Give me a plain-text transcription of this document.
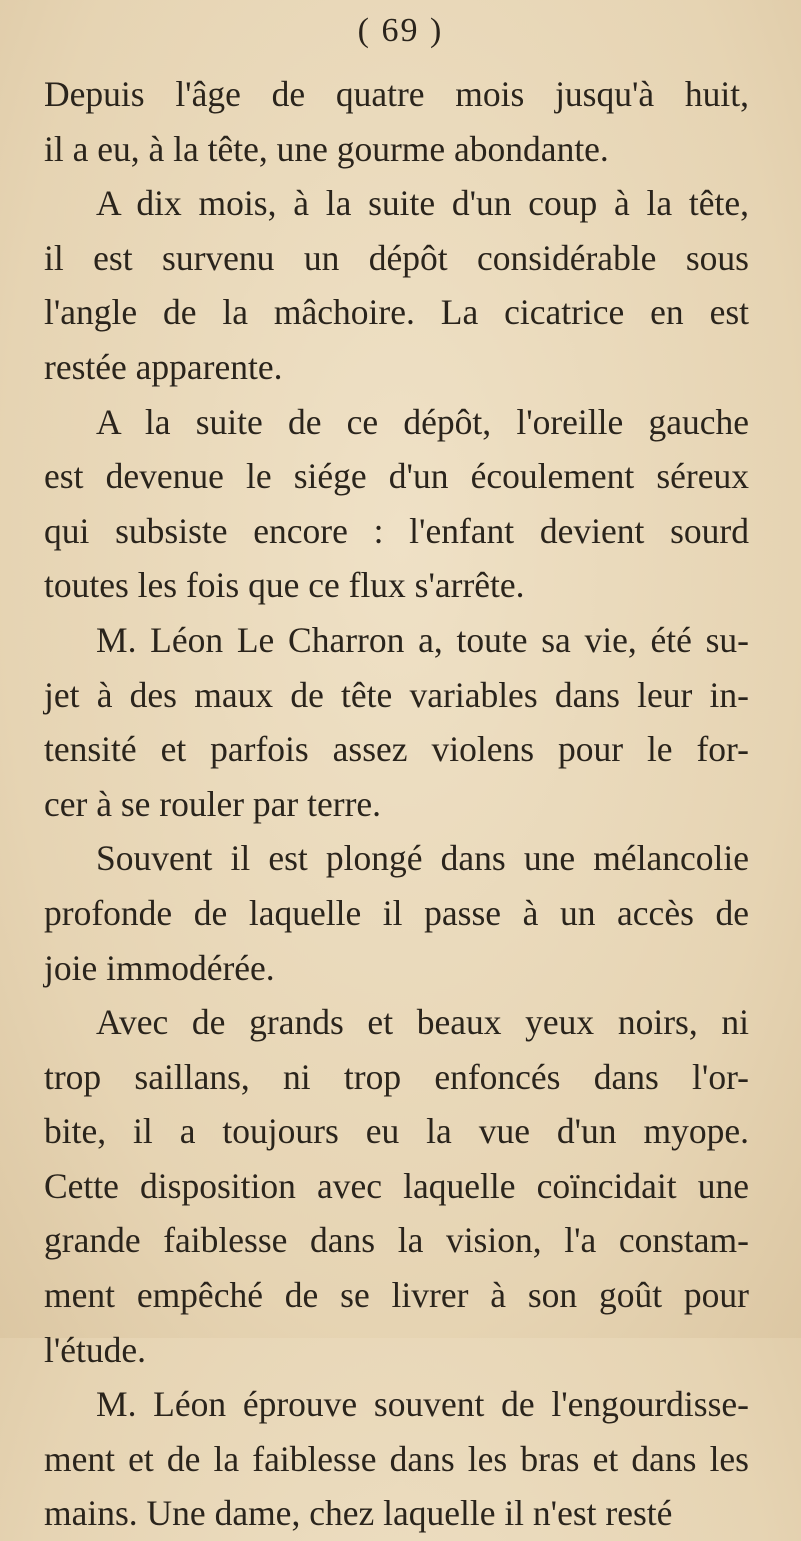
( 69 )
Depuis l'âge de quatre mois jusqu'à huit,
il a eu, à la tête, une gourme abondante.
A dix mois, à la suite d'un coup à la tête,
il est survenu un dépôt considérable sous
l'angle de la mâchoire. La cicatrice en est
restée apparente.
A la suite de ce dépôt, l'oreille gauche
est devenue le siége d'un écoulement séreux
qui subsiste encore : l'enfant devient sourd
toutes les fois que ce flux s'arrête.
M. Léon Le Charron a, toute sa vie, été su-
jet à des maux de tête variables dans leur in-
tensité et parfois assez violens pour le for-
cer à se rouler par terre.
Souvent il est plongé dans une mélancolie
profonde de laquelle il passe à un accès de
joie immodérée.
Avec de grands et beaux yeux noirs, ni
trop saillans, ni trop enfoncés dans l'or-
bite, il a toujours eu la vue d'un myope.
Cette disposition avec laquelle coïncidait une
grande faiblesse dans la vision, l'a constam-
ment empêché de se livrer à son goût pour
l'étude.
M. Léon éprouve souvent de l'engourdisse-
ment et de la faiblesse dans les bras et dans les
mains. Une dame, chez laquelle il n'est resté
